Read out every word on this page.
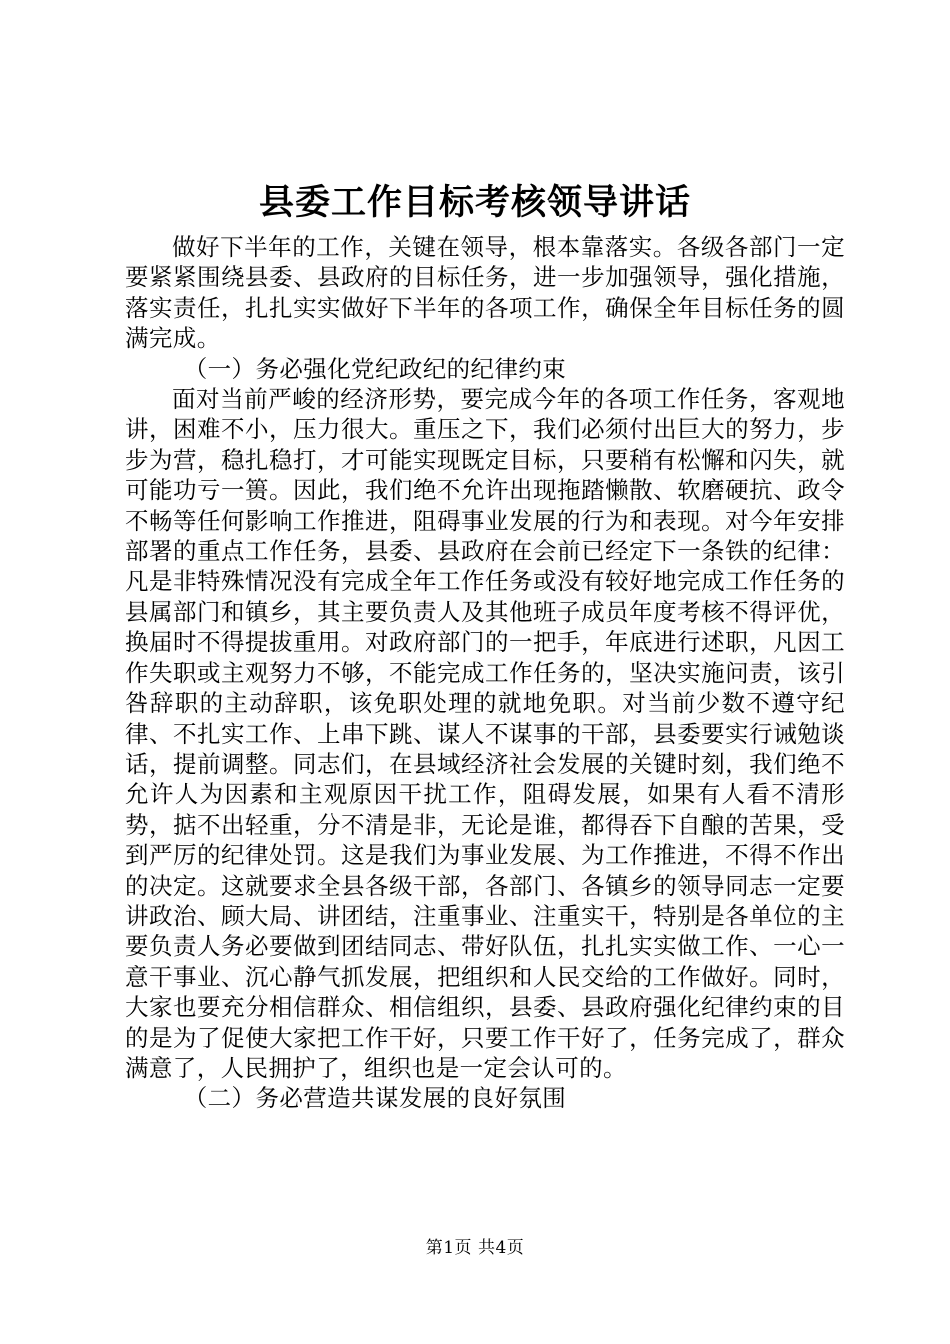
县委工作目标考核领导讲话

做好下半年的工作，关键在领导，根本靠落实。各级各部门一定要紧紧围绕县委、县政府的目标任务，进一步加强领导，强化措施，落实责任，扎扎实实做好下半年的各项工作，确保全年目标任务的圆满完成。

（一）务必强化党纪政纪的纪律约束

面对当前严峻的经济形势，要完成今年的各项工作任务，客观地讲，困难不小，压力很大。重压之下，我们必须付出巨大的努力，步步为营，稳扎稳打，才可能实现既定目标，只要稍有松懈和闪失，就可能功亏一篑。因此，我们绝不允许出现拖踏懒散、软磨硬抗、政令不畅等任何影响工作推进，阻碍事业发展的行为和表现。对今年安排部署的重点工作任务，县委、县政府在会前已经定下一条铁的纪律：凡是非特殊情况没有完成全年工作任务或没有较好地完成工作任务的县属部门和镇乡，其主要负责人及其他班子成员年度考核不得评优，换届时不得提拔重用。对政府部门的一把手，年底进行述职，凡因工作失职或主观努力不够，不能完成工作任务的，坚决实施问责，该引咎辞职的主动辞职，该免职处理的就地免职。对当前少数不遵守纪律、不扎实工作、上串下跳、谋人不谋事的干部，县委要实行诫勉谈话，提前调整。同志们，在县域经济社会发展的关键时刻，我们绝不允许人为因素和主观原因干扰工作，阻碍发展，如果有人看不清形势，掂不出轻重，分不清是非，无论是谁，都得吞下自酿的苦果，受到严厉的纪律处罚。这是我们为事业发展、为工作推进，不得不作出的决定。这就要求全县各级干部，各部门、各镇乡的领导同志一定要讲政治、顾大局、讲团结，注重事业、注重实干，特别是各单位的主要负责人务必要做到团结同志、带好队伍，扎扎实实做工作、一心一意干事业、沉心静气抓发展，把组织和人民交给的工作做好。同时，大家也要充分相信群众、相信组织，县委、县政府强化纪律约束的目的是为了促使大家把工作干好，只要工作干好了，任务完成了，群众满意了，人民拥护了，组织也是一定会认可的。

（二）务必营造共谋发展的良好氛围

第1页 共4页
